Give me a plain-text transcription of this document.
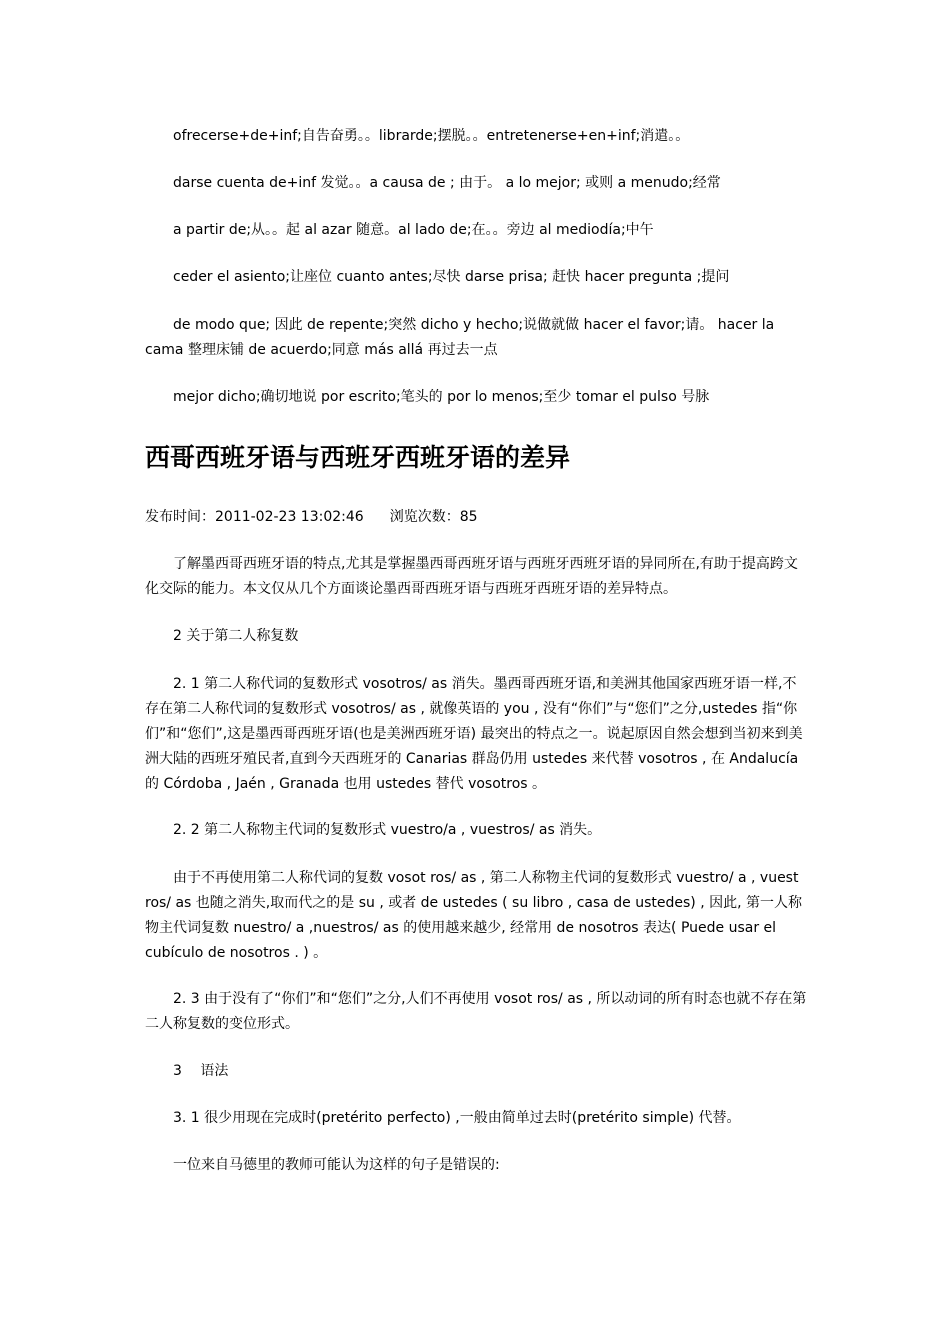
ofrecerse+de+inf;自告奋勇。。librarde;摆脱。。entretenerse+en+inf;消遣。。

darse cuenta de+inf 发觉。。a causa de ; 由于。 a lo mejor; 或则 a menudo;经常

a partir de;从。。起 al azar 随意。al lado de;在。。旁边 al mediodía;中午

ceder el asiento;让座位 cuanto antes;尽快 darse prisa; 赶快 hacer pregunta ;提问

de modo que; 因此 de repente;突然 dicho y hecho;说做就做 hacer el favor;请。 hacer la cama 整理床铺 de acuerdo;同意 más allá 再过去一点

mejor dicho;确切地说 por escrito;笔头的 por lo menos;至少 tomar el pulso 号脉

西哥西班牙语与西班牙西班牙语的差异

发布时间：2011-02-23 13:02:46 浏览次数：85

了解墨西哥西班牙语的特点,尤其是掌握墨西哥西班牙语与西班牙西班牙语的异同所在,有助于提高跨文化交际的能力。本文仅从几个方面谈论墨西哥西班牙语与西班牙西班牙语的差异特点。

2 关于第二人称复数

2. 1 第二人称代词的复数形式 vosotros/ as 消失。墨西哥西班牙语,和美洲其他国家西班牙语一样,不存在第二人称代词的复数形式 vosotros/ as , 就像英语的 you , 没有“你们”与“您们”之分,ustedes 指“你们”和“您们”,这是墨西哥西班牙语(也是美洲西班牙语) 最突出的特点之一。说起原因自然会想到当初来到美洲大陆的西班牙殖民者,直到今天西班牙的 Canarias 群岛仍用 ustedes 来代替 vosotros , 在 Andalucía 的 Córdoba , Jaén , Granada 也用 ustedes 替代 vosotros 。

2. 2 第二人称物主代词的复数形式 vuestro/a , vuestros/ as 消失。

由于不再使用第二人称代词的复数 vosot ros/ as , 第二人称物主代词的复数形式 vuestro/ a , vuest ros/ as 也随之消失,取而代之的是 su , 或者 de ustedes ( su libro , casa de ustedes) , 因此, 第一人称物主代词复数 nuestro/ a ,nuestros/ as 的使用越来越少, 经常用 de nosotros 表达( Puede usar el cubículo de nosotros . ) 。

2. 3 由于没有了“你们”和“您们”之分,人们不再使用 vosot ros/ as , 所以动词的所有时态也就不存在第二人称复数的变位形式。

3　 语法

3. 1 很少用现在完成时(pretérito perfecto) ,一般由简单过去时(pretérito simple) 代替。

一位来自马德里的教师可能认为这样的句子是错误的:
